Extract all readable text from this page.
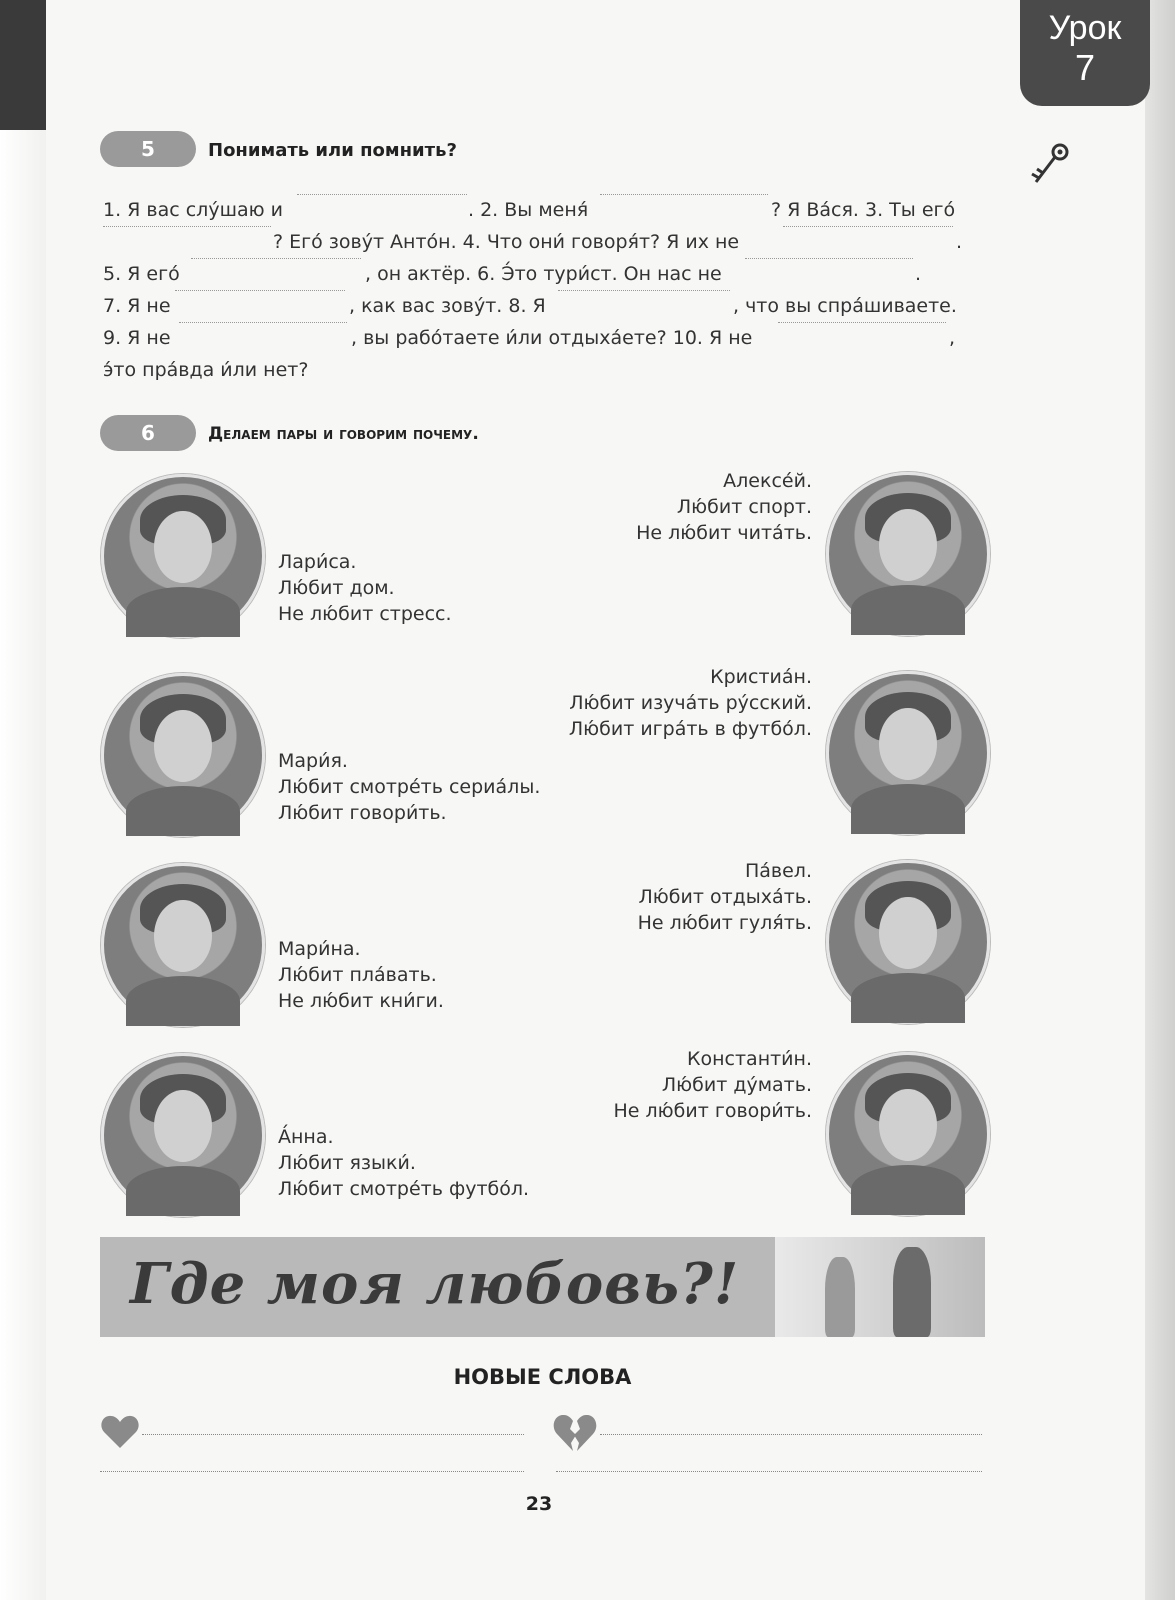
Урок
7
5	Понимать или помнить?
1. Я вас слу́шаю и	. 2. Вы меня́	? Я Ва́ся. 3. Ты его́
? Его́ зову́т Анто́н. 4. Что они́ говоря́т? Я их не	.
5. Я его́	, он актёр. 6. Э́то тури́ст. Он нас не	.
7. Я не	, как вас зову́т. 8. Я	, что вы спра́шиваете.
9. Я не	, вы рабо́таете и́ли отдыха́ете? 10. Я не	,
э́то пра́вда и́ли нет?
6	Делаем пары и говорим почему.
Лари́са.
Лю́бит дом.
Не лю́бит стресс.
Мари́я.
Лю́бит смотре́ть сериа́лы.
Лю́бит говори́ть.
Мари́на.
Лю́бит пла́вать.
Не лю́бит кни́ги.
А́нна.
Лю́бит языки́.
Лю́бит смотре́ть футбо́л.
Алексе́й.
Лю́бит спорт.
Не лю́бит чита́ть.
Кристиа́н.
Лю́бит изуча́ть ру́сский.
Лю́бит игра́ть в футбо́л.
Па́вел.
Лю́бит отдыха́ть.
Не лю́бит гуля́ть.
Константи́н.
Лю́бит ду́мать.
Не лю́бит говори́ть.
Где моя любовь?!
НОВЫЕ СЛОВА
23
